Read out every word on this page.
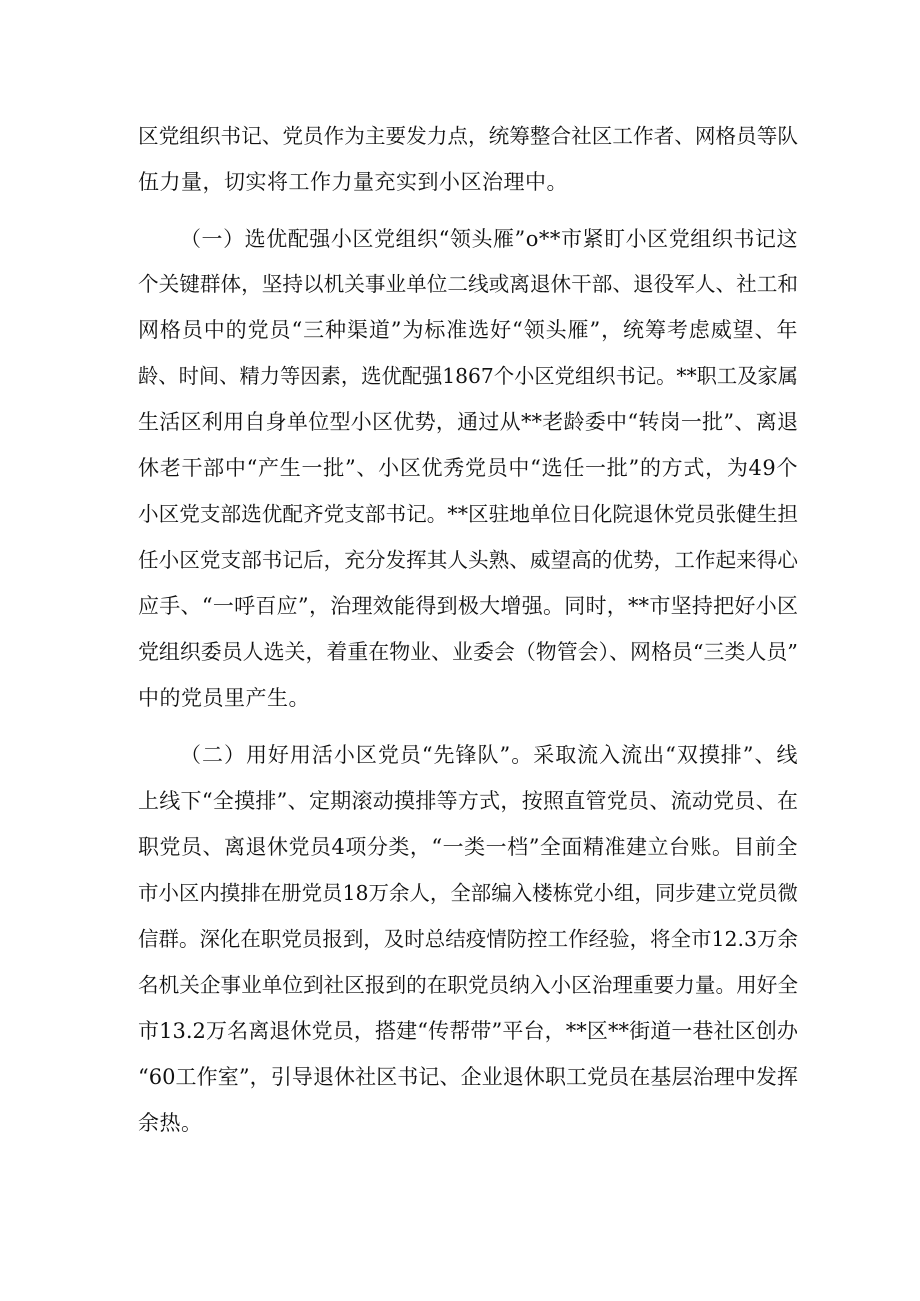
区党组织书记、党员作为主要发力点，统筹整合社区工作者、网格员等队
伍力量，切实将工作力量充实到小区治理中。
（一）选优配强小区党组织“领头雁”o**市紧盯小区党组织书记这
个关键群体，坚持以机关事业单位二线或离退休干部、退役军人、社工和
网格员中的党员“三种渠道”为标准选好“领头雁”，统筹考虑威望、年
龄、时间、精力等因素，选优配强1867个小区党组织书记。**职工及家属
生活区利用自身单位型小区优势，通过从**老龄委中“转岗一批”、离退
休老干部中“产生一批”、小区优秀党员中“选任一批”的方式，为49个
小区党支部选优配齐党支部书记。**区驻地单位日化院退休党员张健生担
任小区党支部书记后，充分发挥其人头熟、威望高的优势，工作起来得心
应手、“一呼百应”，治理效能得到极大增强。同时，**市坚持把好小区
党组织委员人选关，着重在物业、业委会（物管会）、网格员“三类人员”
中的党员里产生。
（二）用好用活小区党员“先锋队”。采取流入流出“双摸排”、线
上线下“全摸排”、定期滚动摸排等方式，按照直管党员、流动党员、在
职党员、离退休党员4项分类，“一类一档”全面精准建立台账。目前全
市小区内摸排在册党员18万余人，全部编入楼栋党小组，同步建立党员微
信群。深化在职党员报到，及时总结疫情防控工作经验，将全市12.3万余
名机关企事业单位到社区报到的在职党员纳入小区治理重要力量。用好全
市13.2万名离退休党员，搭建“传帮带”平台，**区**街道一巷社区创办
“60工作室”，引导退休社区书记、企业退休职工党员在基层治理中发挥
余热。
